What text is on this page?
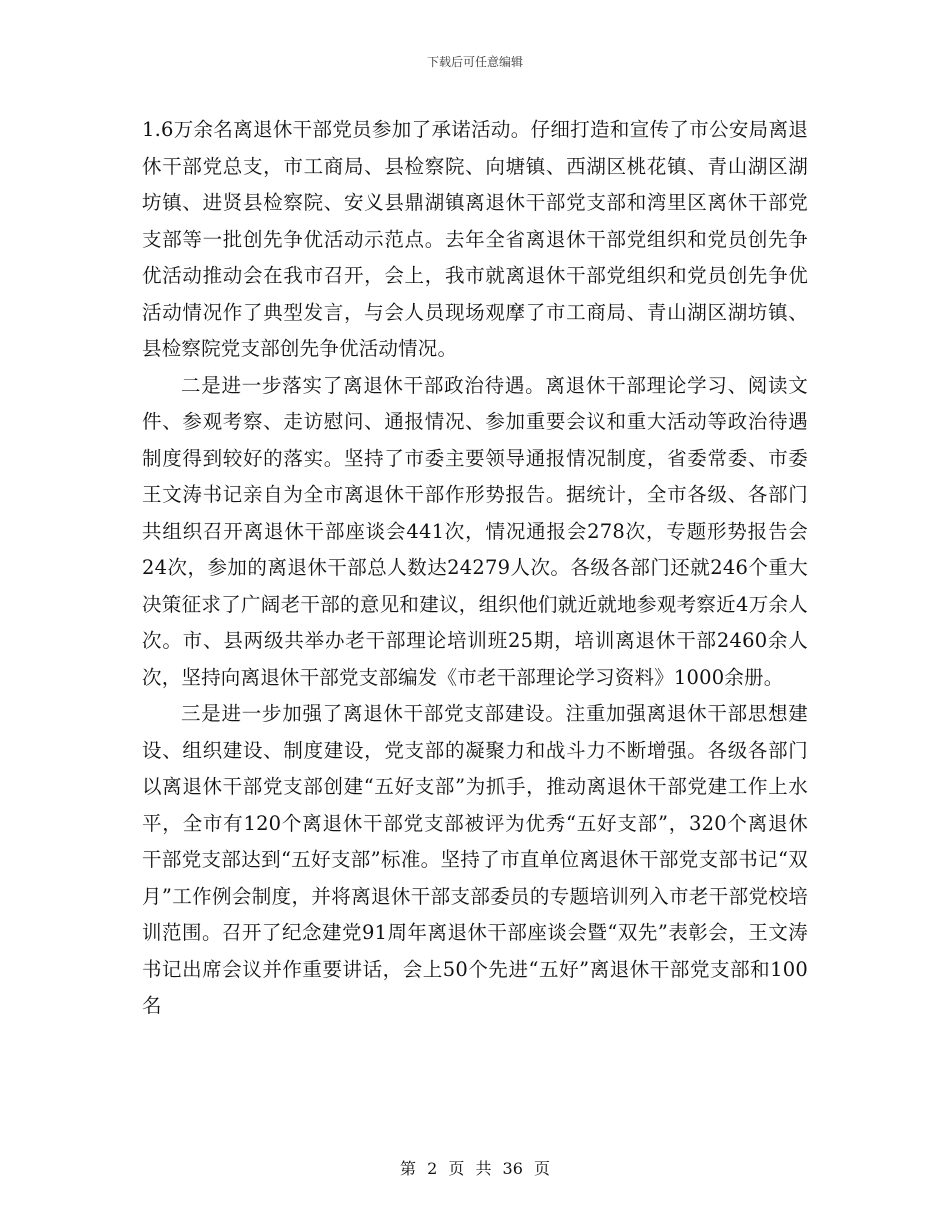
下载后可任意编辑

1.6万余名离退休干部党员参加了承诺活动。仔细打造和宣传了市公安局离退休干部党总支，市工商局、县检察院、向塘镇、西湖区桃花镇、青山湖区湖坊镇、进贤县检察院、安义县鼎湖镇离退休干部党支部和湾里区离休干部党支部等一批创先争优活动示范点。去年全省离退休干部党组织和党员创先争优活动推动会在我市召开，会上，我市就离退休干部党组织和党员创先争优活动情况作了典型发言，与会人员现场观摩了市工商局、青山湖区湖坊镇、县检察院党支部创先争优活动情况。

二是进一步落实了离退休干部政治待遇。离退休干部理论学习、阅读文件、参观考察、走访慰问、通报情况、参加重要会议和重大活动等政治待遇制度得到较好的落实。坚持了市委主要领导通报情况制度，省委常委、市委王文涛书记亲自为全市离退休干部作形势报告。据统计，全市各级、各部门共组织召开离退休干部座谈会441次，情况通报会278次，专题形势报告会24次，参加的离退休干部总人数达24279人次。各级各部门还就246个重大决策征求了广阔老干部的意见和建议，组织他们就近就地参观考察近4万余人次。市、县两级共举办老干部理论培训班25期，培训离退休干部2460余人次，坚持向离退休干部党支部编发《市老干部理论学习资料》1000余册。

三是进一步加强了离退休干部党支部建设。注重加强离退休干部思想建设、组织建设、制度建设，党支部的凝聚力和战斗力不断增强。各级各部门以离退休干部党支部创建“五好支部”为抓手，推动离退休干部党建工作上水平，全市有120个离退休干部党支部被评为优秀“五好支部”，320个离退休干部党支部达到“五好支部”标准。坚持了市直单位离退休干部党支部书记“双月”工作例会制度，并将离退休干部支部委员的专题培训列入市老干部党校培训范围。召开了纪念建党91周年离退休干部座谈会暨“双先”表彰会，王文涛书记出席会议并作重要讲话，会上50个先进“五好”离退休干部党支部和100名

第 2 页 共 36 页
